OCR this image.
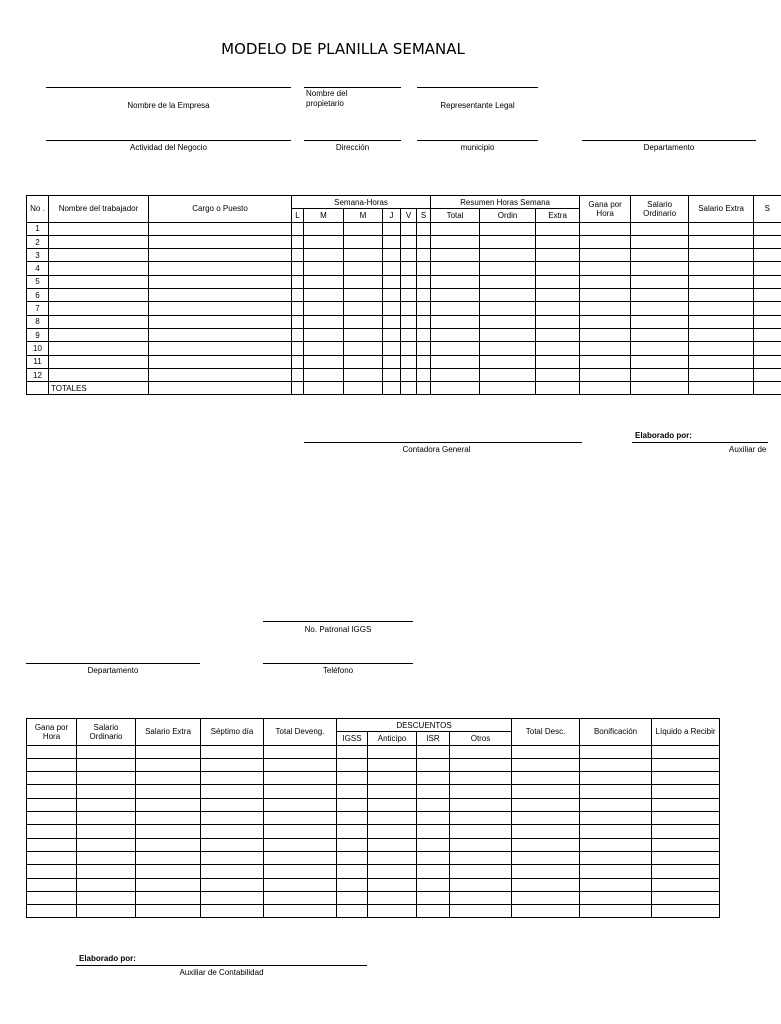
MODELO DE PLANILLA SEMANAL
Nombre de la Empresa
Nombre del propietario	Representante Legal
Actividad del Negocio	Dirección	municipio	Departamento
No .	Nombre del trabajador	Cargo o Puesto	Semana-Horas						Resumen Horas Semana			Gana por Hora	Salario Ordinario	Salario Extra	S
			L	M	M	J	V	S	Total	Ordin	Extra				
1															
2															
3															
4															
5															
6															
7															
8															
9															
10															
11															
12															
	TOTALES														
Contadora General
Elaborado por:
Auxiliar de
No. Patronal IGGS
Departamento	Teléfono
Gana por Hora	Salario Ordinario	Salario Extra	Séptimo día	Total Deveng.	DESCUENTOS				Total Desc.	Bonificación	Líquido a Recibir
					IGSS	Anticipo	ISR	Otros			

Elaborado por:
Auxiliar de Contabilidad
